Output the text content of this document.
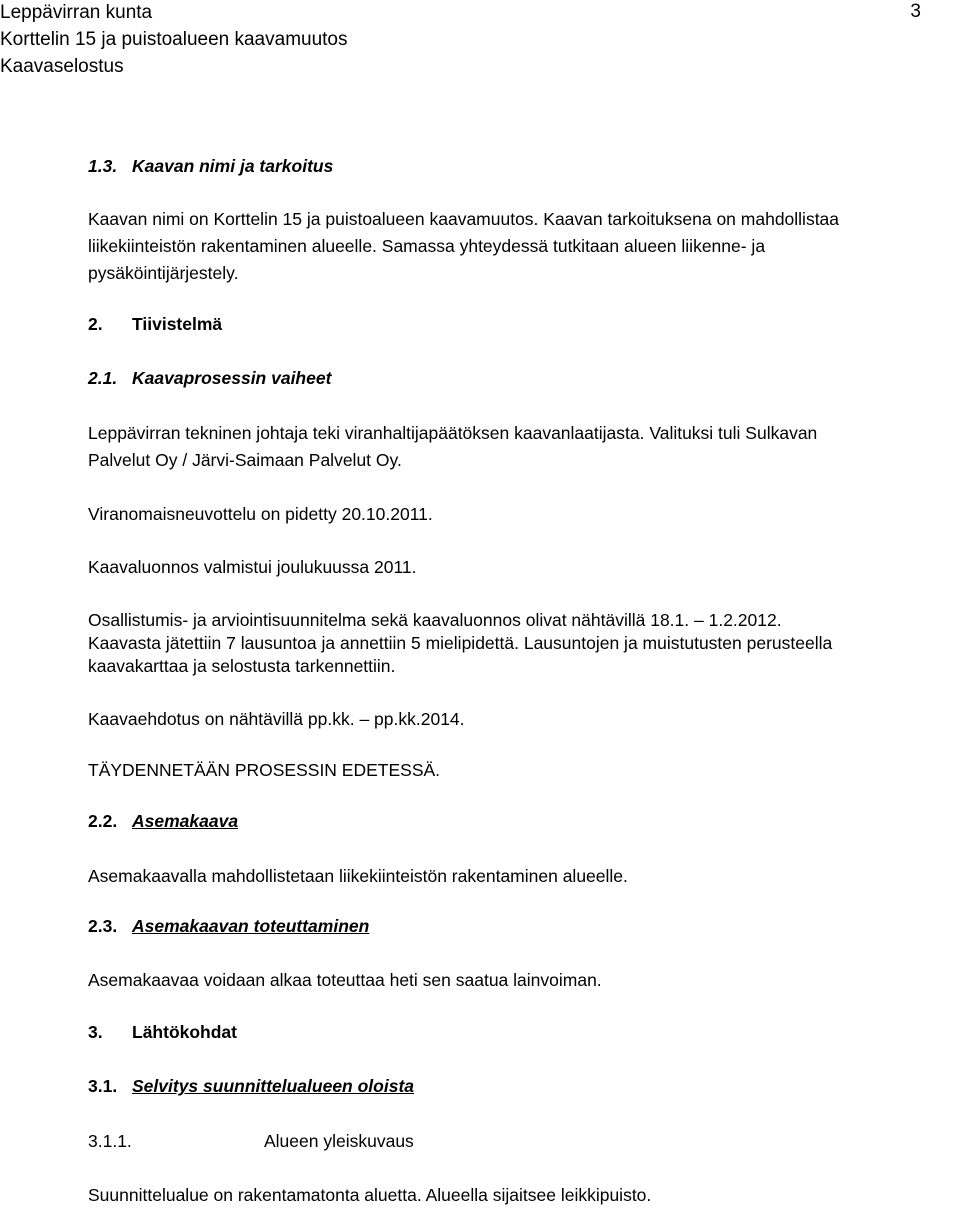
Leppävirran kunta
Korttelin 15 ja puistoalueen kaavamuutos
Kaavaselostus
3
1.3. Kaavan nimi ja tarkoitus
Kaavan nimi on Korttelin 15 ja puistoalueen kaavamuutos. Kaavan tarkoituksena on mahdollistaa
liikekiinteistön rakentaminen alueelle. Samassa yhteydessä tutkitaan alueen liikenne- ja
pysäköintijärjestely.
2. Tiivistelmä
2.1. Kaavaprosessin vaiheet
Leppävirran tekninen johtaja teki viranhaltijapäätöksen kaavanlaatijasta. Valituksi tuli Sulkavan
Palvelut Oy / Järvi-Saimaan Palvelut Oy.
Viranomaisneuvottelu on pidetty 20.10.2011.
Kaavaluonnos valmistui joulukuussa 2011.
Osallistumis- ja arviointisuunnitelma sekä kaavaluonnos olivat nähtävillä 18.1. – 1.2.2012.
Kaavasta jätettiin 7 lausuntoa ja annettiin 5 mielipidettä. Lausuntojen ja muistutusten perusteella
kaavakarttaa ja selostusta tarkennettiin.
Kaavaehdotus on nähtävillä pp.kk. – pp.kk.2014.
TÄYDENNETÄÄN PROSESSIN EDETESSÄ.
2.2. Asemakaava
Asemakaavalla mahdollistetaan liikekiinteistön rakentaminen alueelle.
2.3. Asemakaavan toteuttaminen
Asemakaavaa voidaan alkaa toteuttaa heti sen saatua lainvoiman.
3. Lähtökohdat
3.1. Selvitys suunnittelualueen oloista
3.1.1.	Alueen yleiskuvaus
Suunnittelualue on rakentamatonta aluetta. Alueella sijaitsee leikkipuisto.
